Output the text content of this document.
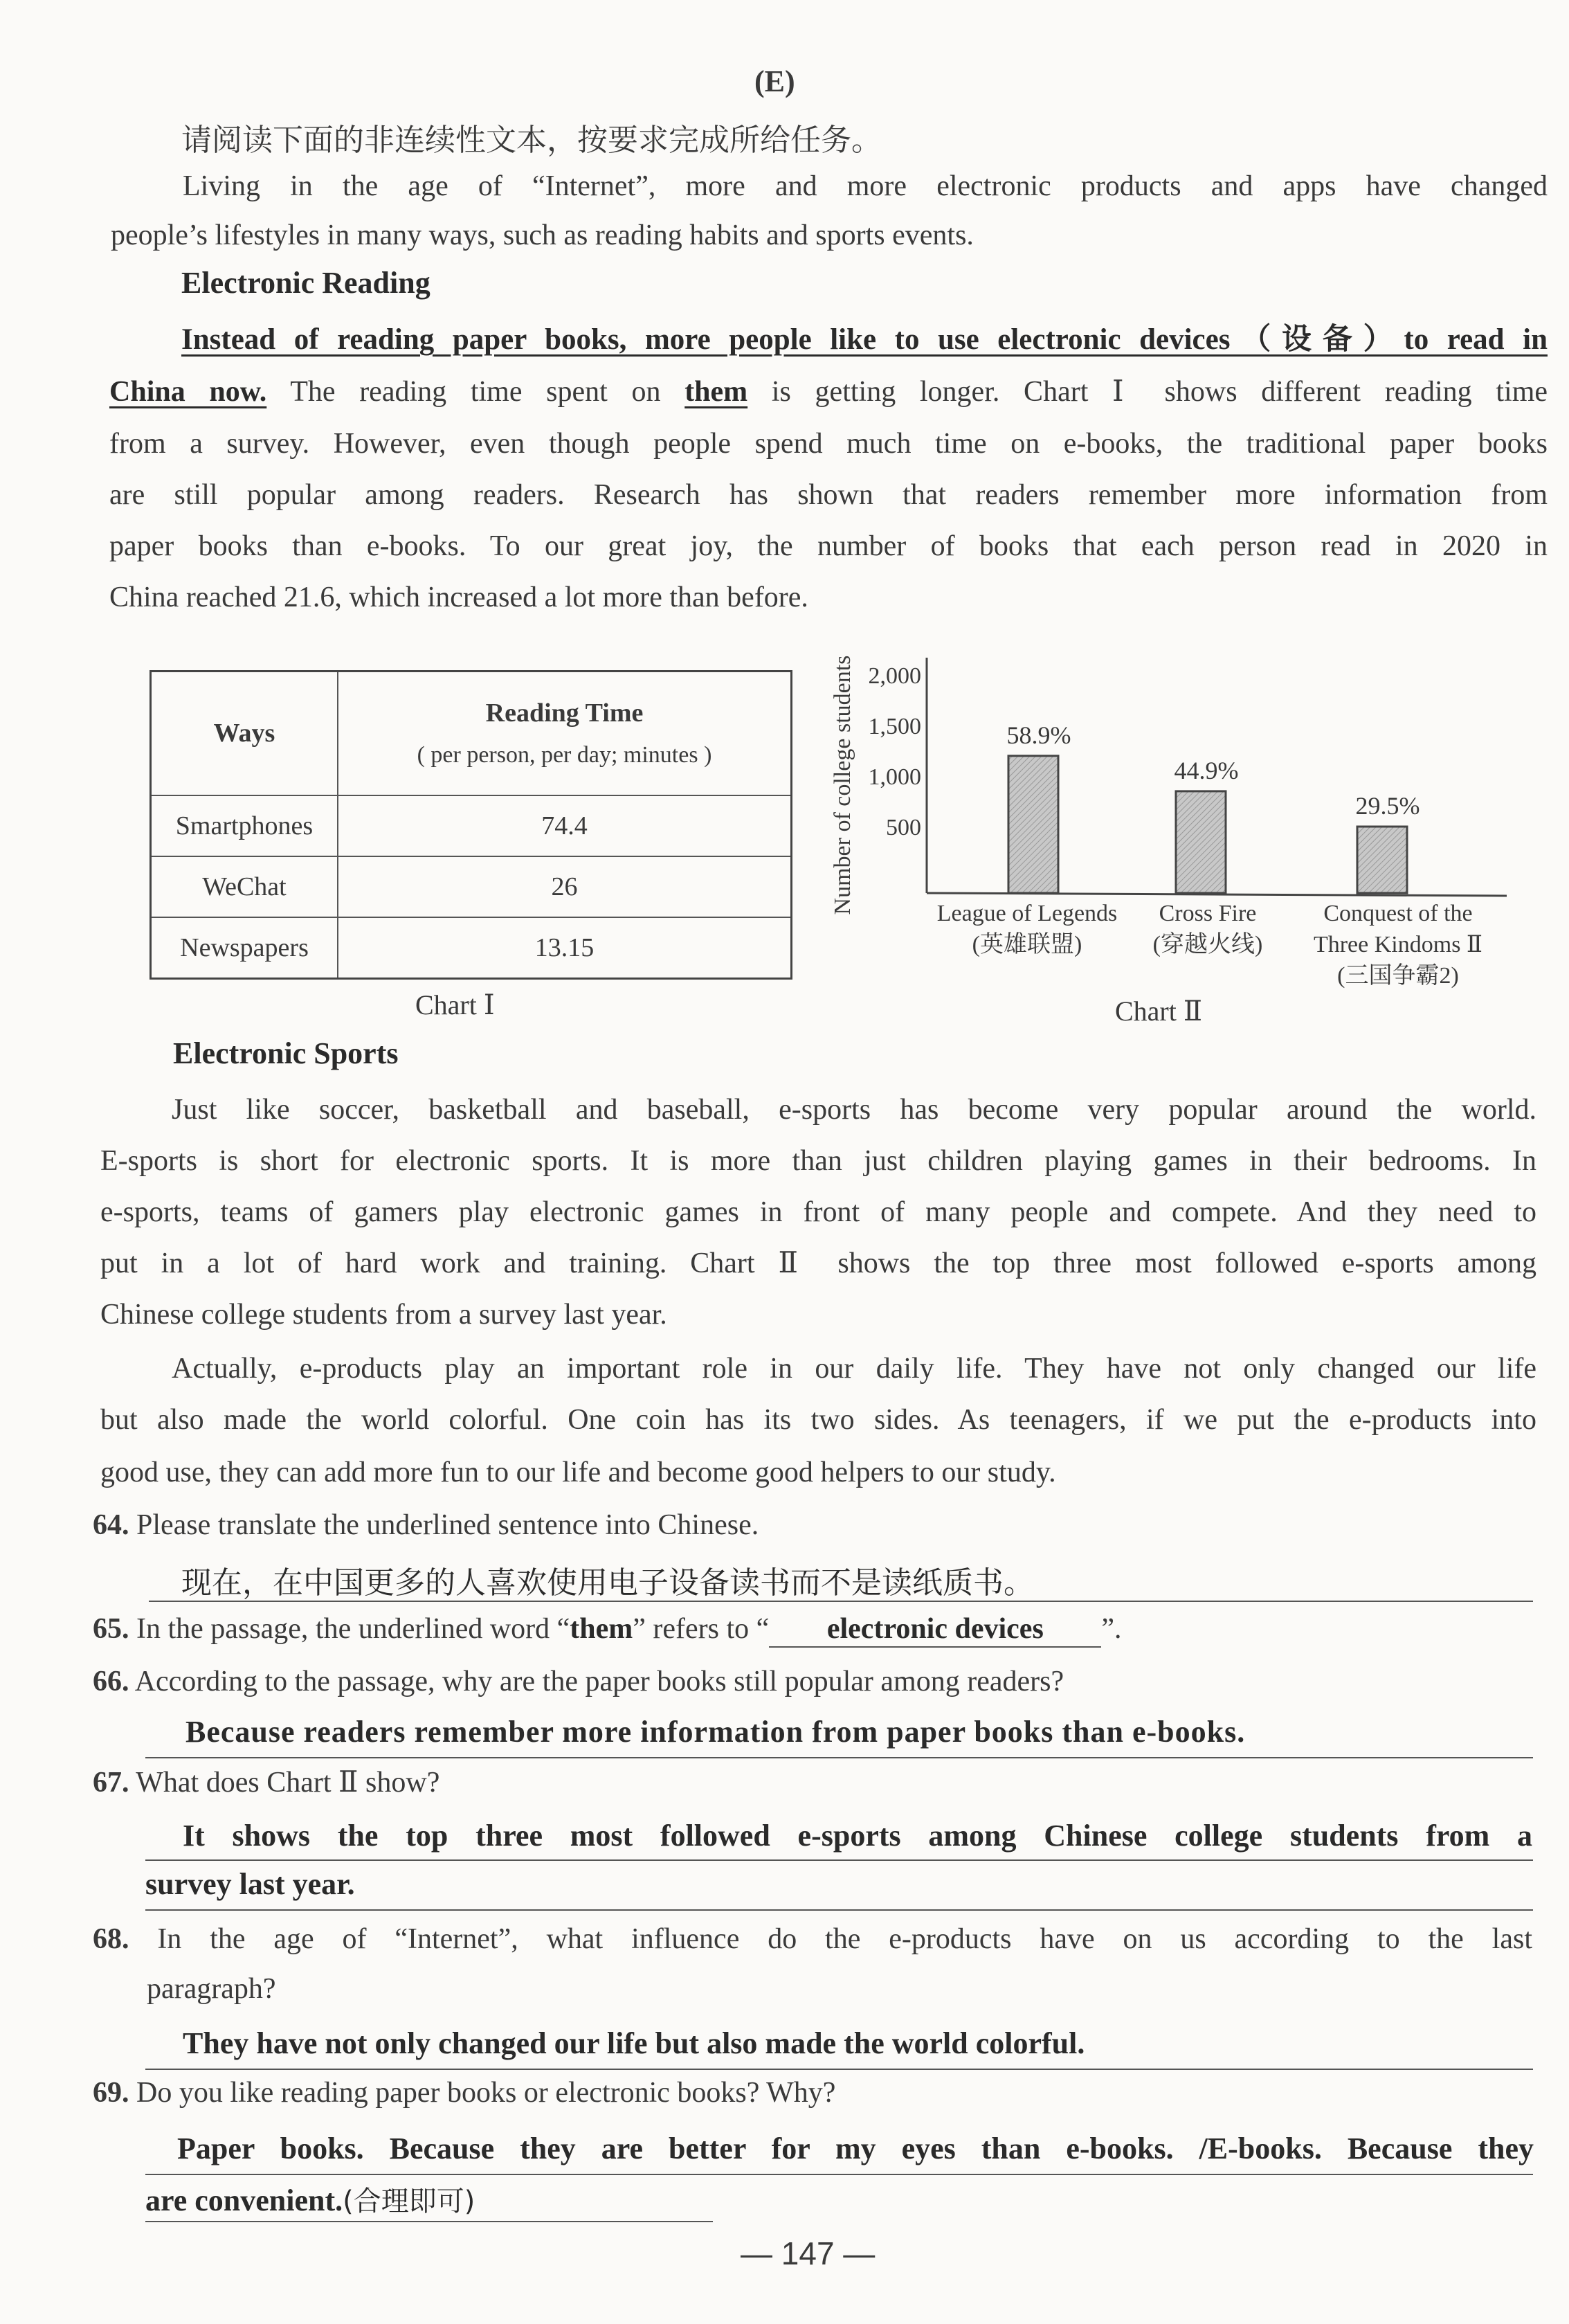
(E)
请阅读下面的非连续性文本，按要求完成所给任务。
Living in the age of “Internet”, more and more electronic products and apps have changed
people’s lifestyles in many ways, such as reading habits and sports events.
Electronic Reading
Instead of reading paper books, more people like to use electronic devices（设备）to read in
China now. The reading time spent on them is getting longer. Chart Ⅰ shows different reading time
from a survey. However, even though people spend much time on e-books, the traditional paper books
are still popular among readers. Research has shown that readers remember more information from
paper books than e-books. To our great joy, the number of books that each person read in 2020 in
China reached 21.6, which increased a lot more than before.
Ways	Reading Time
( per person, per day; minutes )

Smartphones	74.4
WeChat	26
Newspapers	13.15
Chart Ⅰ
500
1,000
1,500
2,000
Number of college students	58.9%
League of Legends
(英雄联盟)
44.9%
Cross Fire
(穿越火线)
29.5%
Conquest of the
Three Kindoms Ⅱ
(三国争霸2)
Chart Ⅱ
Electronic Sports
Just like soccer, basketball and baseball, e-sports has become very popular around the world.
E-sports is short for electronic sports. It is more than just children playing games in their bedrooms. In
e-sports, teams of gamers play electronic games in front of many people and compete. And they need to
put in a lot of hard work and training. Chart Ⅱ shows the top three most followed e-sports among
Chinese college students from a survey last year.
Actually, e-products play an important role in our daily life. They have not only changed our life
but also made the world colorful. One coin has its two sides. As teenagers, if we put the e-products into
good use, they can add more fun to our life and become good helpers to our study.
64. Please translate the underlined sentence into Chinese.
现在，在中国更多的人喜欢使用电子设备读书而不是读纸质书。
65. In the passage, the underlined word “them” refers to “ electronic devices ”.
66. According to the passage, why are the paper books still popular among readers?
Because readers remember more information from paper books than e-books.
67. What does Chart Ⅱ show?
It shows the top three most followed e-sports among Chinese college students from a
survey last year.
68. In the age of “Internet”, what influence do the e-products have on us according to the last
paragraph?
They have not only changed our life but also made the world colorful.
69. Do you like reading paper books or electronic books? Why?
Paper books. Because they are better for my eyes than e-books. /E-books. Because they
are convenient.(合理即可)
— 147 —
